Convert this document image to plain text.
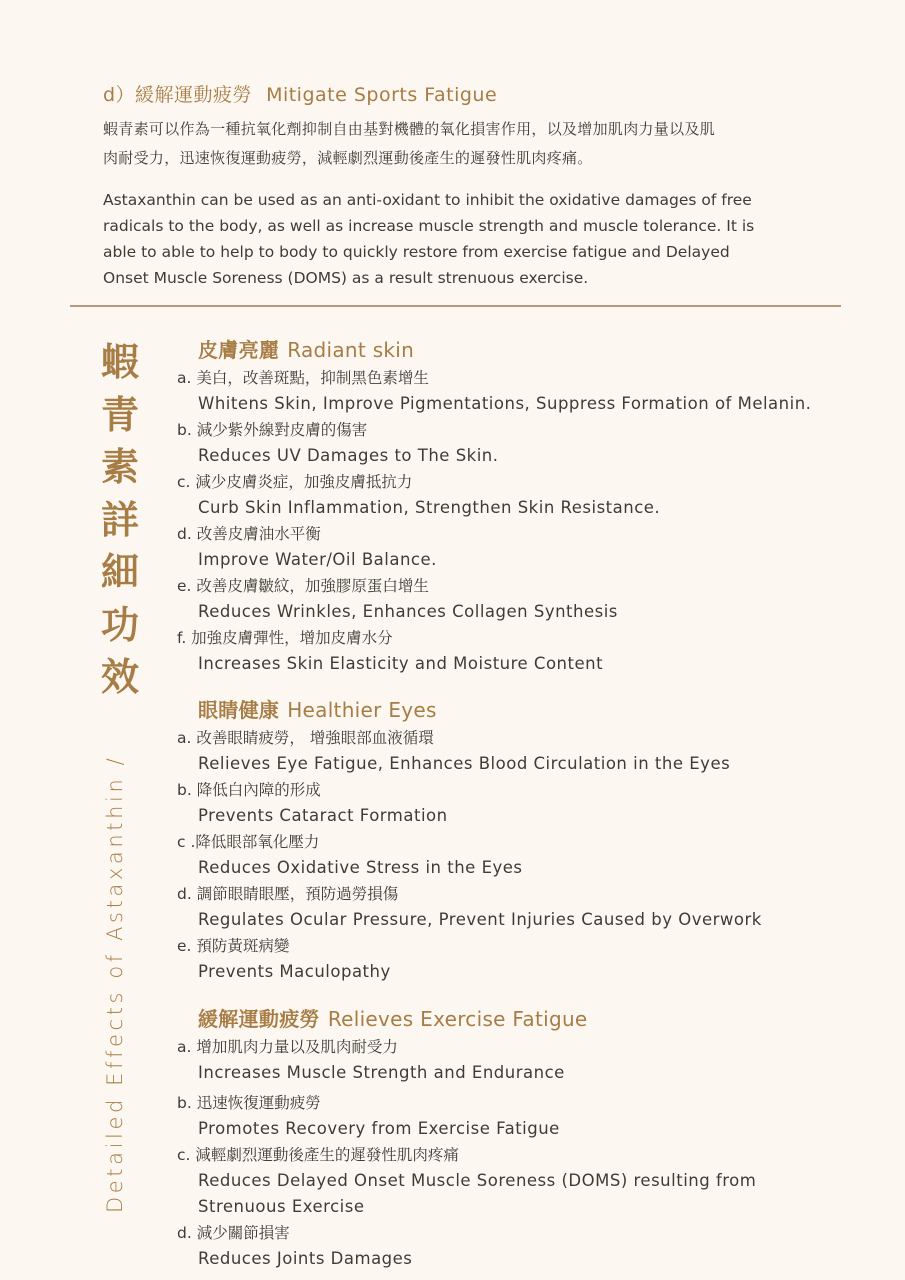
d）緩解運動疲勞 Mitigate Sports Fatigue

蝦青素可以作為一種抗氧化劑抑制自由基對機體的氧化損害作用，以及增加肌肉力量以及肌
肉耐受力，迅速恢復運動疲勞，減輕劇烈運動後產生的遲發性肌肉疼痛。

Astaxanthin can be used as an anti-oxidant to inhibit the oxidative damages of free
radicals to the body, as well as increase muscle strength and muscle tolerance. It is
able to able to help to body to quickly restore from exercise fatigue and Delayed
Onset Muscle Soreness (DOMS) as a result strenuous exercise.

蝦
青
素
詳
細
功
效
Detailed Effects of Astaxanthin /
皮膚亮麗 Radiant skin
a. 美白，改善斑點，抑制黑色素增生
Whitens Skin, Improve Pigmentations, Suppress Formation of Melanin.
b. 減少紫外線對皮膚的傷害
Reduces UV Damages to The Skin.
c. 減少皮膚炎症，加強皮膚抵抗力
Curb Skin Inflammation, Strengthen Skin Resistance.
d. 改善皮膚油水平衡
Improve Water/Oil Balance.
e. 改善皮膚皺紋，加強膠原蛋白增生
Reduces Wrinkles, Enhances Collagen Synthesis
f. 加強皮膚彈性，增加皮膚水分
Increases Skin Elasticity and Moisture Content
眼睛健康 Healthier Eyes
a. 改善眼睛疲勞， 增強眼部血液循環
Relieves Eye Fatigue, Enhances Blood Circulation in the Eyes
b. 降低白內障的形成
Prevents Cataract Formation
c .降低眼部氧化壓力
Reduces Oxidative Stress in the Eyes
d. 調節眼睛眼壓，預防過勞損傷
Regulates Ocular Pressure, Prevent Injuries Caused by Overwork
e. 預防黃斑病變
Prevents Maculopathy
緩解運動疲勞 Relieves Exercise Fatigue
a. 增加肌肉力量以及肌肉耐受力
Increases Muscle Strength and Endurance
b. 迅速恢復運動疲勞
Promotes Recovery from Exercise Fatigue
c. 減輕劇烈運動後產生的遲發性肌肉疼痛
Reduces Delayed Onset Muscle Soreness (DOMS) resulting from
Strenuous Exercise
d. 減少關節損害
Reduces Joints Damages
